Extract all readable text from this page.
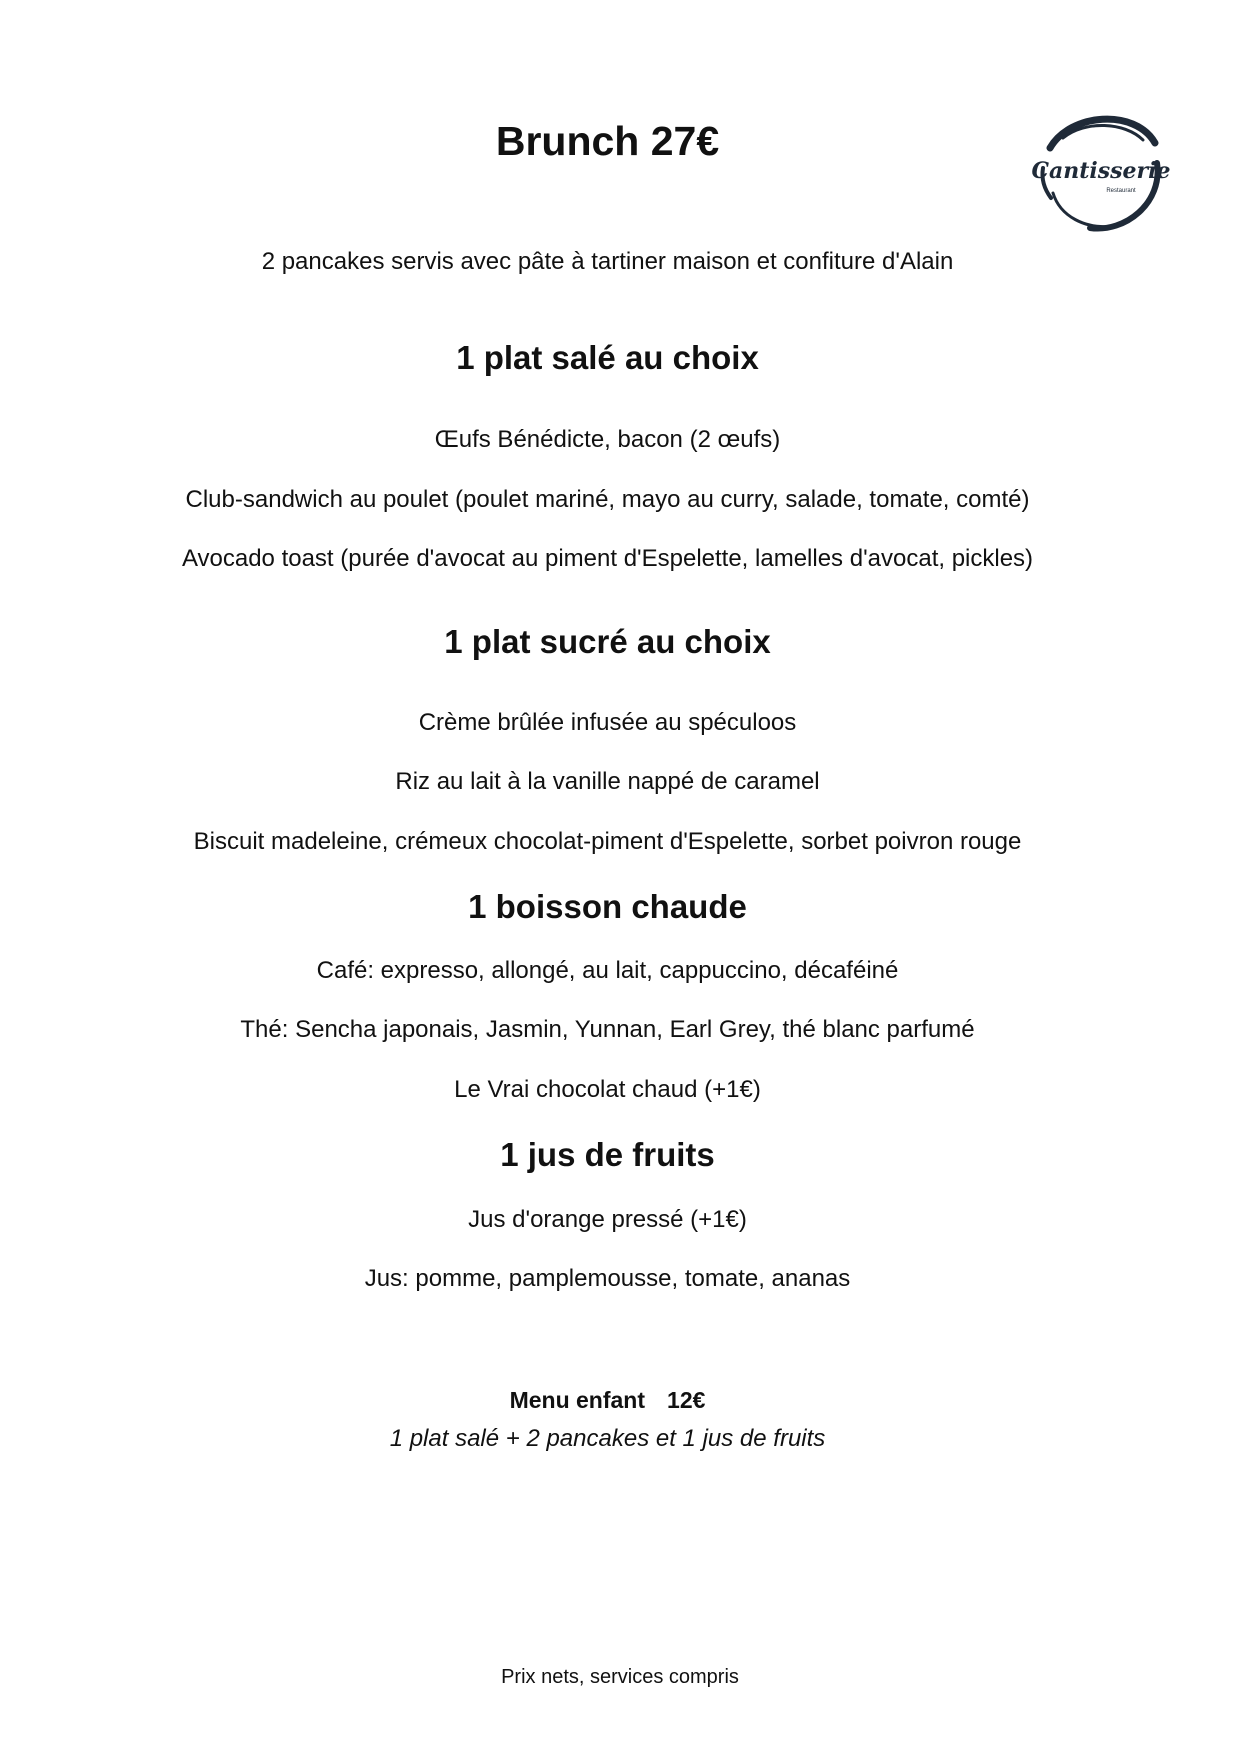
Brunch 27€
Cantisserie
Restaurant
2 pancakes servis avec pâte à tartiner maison et confiture d'Alain
1 plat salé au choix
Œufs Bénédicte, bacon (2 œufs)
Club-sandwich au poulet (poulet mariné, mayo au curry, salade, tomate, comté)
Avocado toast (purée d'avocat au piment d'Espelette, lamelles d'avocat, pickles)
1 plat sucré au choix
Crème brûlée infusée au spéculoos
Riz au lait à la vanille nappé de caramel
Biscuit madeleine, crémeux chocolat-piment d'Espelette, sorbet poivron rouge
1 boisson chaude
Café: expresso, allongé, au lait, cappuccino, décaféiné
Thé: Sencha japonais, Jasmin, Yunnan, Earl Grey, thé blanc parfumé
Le Vrai chocolat chaud (+1€)
1 jus de fruits
Jus d'orange pressé (+1€)
Jus: pomme, pamplemousse, tomate, ananas
Menu enfant 12€
1 plat salé + 2 pancakes et 1 jus de fruits
Prix nets, services compris
